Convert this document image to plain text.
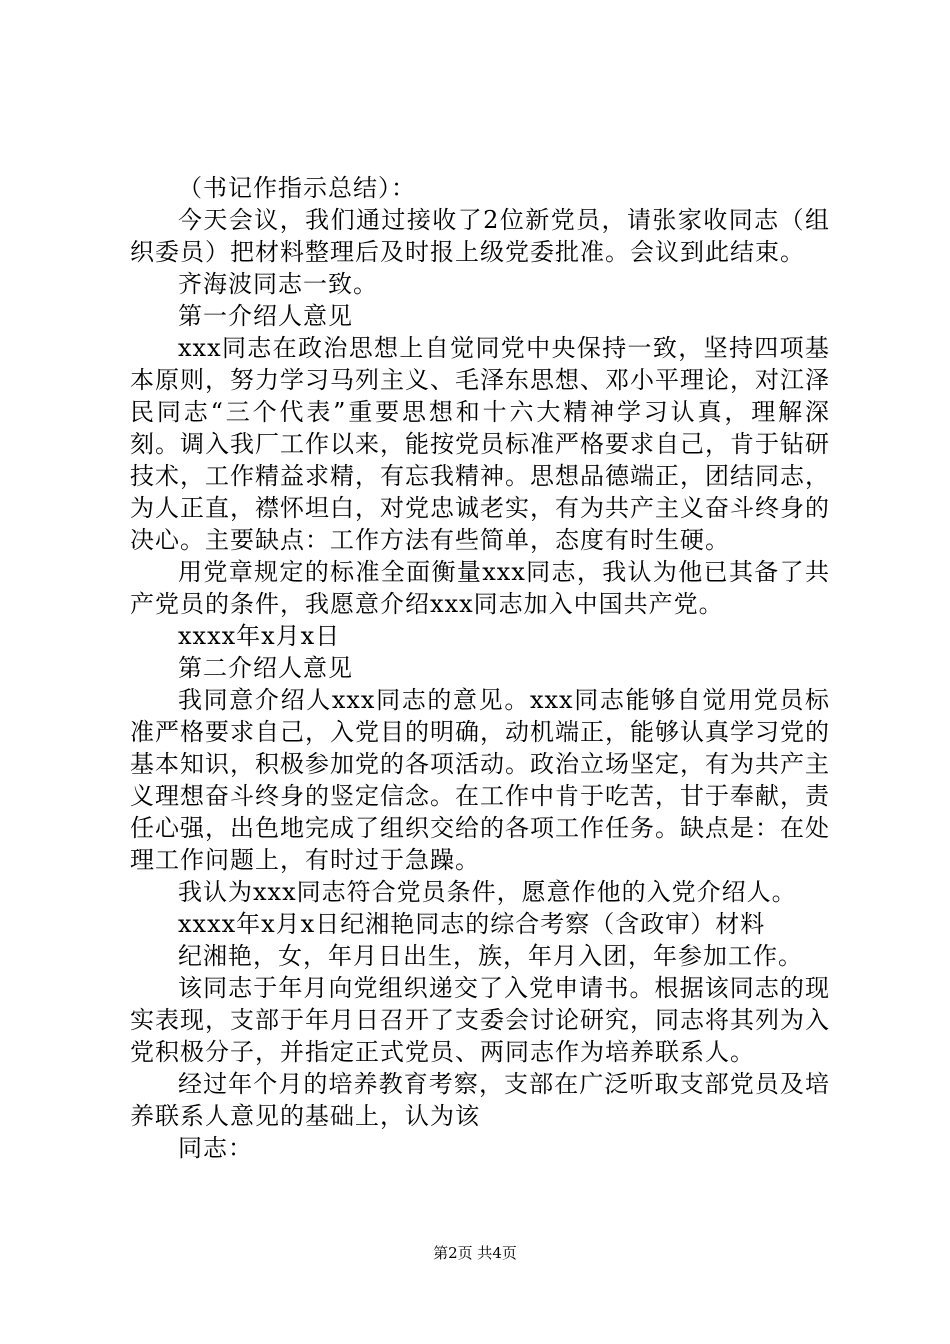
（书记作指示总结）：

今天会议，我们通过接收了2位新党员，请张家收同志（组织委员）把材料整理后及时报上级党委批准。会议到此结束。

齐海波同志一致。

第一介绍人意见

xxx同志在政治思想上自觉同党中央保持一致，坚持四项基本原则，努力学习马列主义、毛泽东思想、邓小平理论，对江泽民同志“三个代表”重要思想和十六大精神学习认真，理解深刻。调入我厂工作以来，能按党员标准严格要求自己，肯于钻研技术，工作精益求精，有忘我精神。思想品德端正，团结同志，为人正直，襟怀坦白，对党忠诚老实，有为共产主义奋斗终身的决心。主要缺点：工作方法有些简单，态度有时生硬。

用党章规定的标准全面衡量xxx同志，我认为他已其备了共产党员的条件，我愿意介绍xxx同志加入中国共产党。

xxxx年x月x日

第二介绍人意见

我同意介绍人xxx同志的意见。xxx同志能够自觉用党员标准严格要求自己，入党目的明确，动机端正，能够认真学习党的基本知识，积极参加党的各项活动。政治立场坚定，有为共产主义理想奋斗终身的竖定信念。在工作中肯于吃苦，甘于奉献，责任心强，出色地完成了组织交给的各项工作任务。缺点是：在处理工作问题上，有时过于急躁。

我认为xxx同志符合党员条件，愿意作他的入党介绍人。

xxxx年x月x日纪湘艳同志的综合考察（含政审）材料

纪湘艳，女，年月日出生，族，年月入团，年参加工作。

该同志于年月向党组织递交了入党申请书。根据该同志的现实表现，支部于年月日召开了支委会讨论研究，同志将其列为入党积极分子，并指定正式党员、两同志作为培养联系人。

经过年个月的培养教育考察，支部在广泛听取支部党员及培养联系人意见的基础上，认为该

同志：

第2页 共4页
